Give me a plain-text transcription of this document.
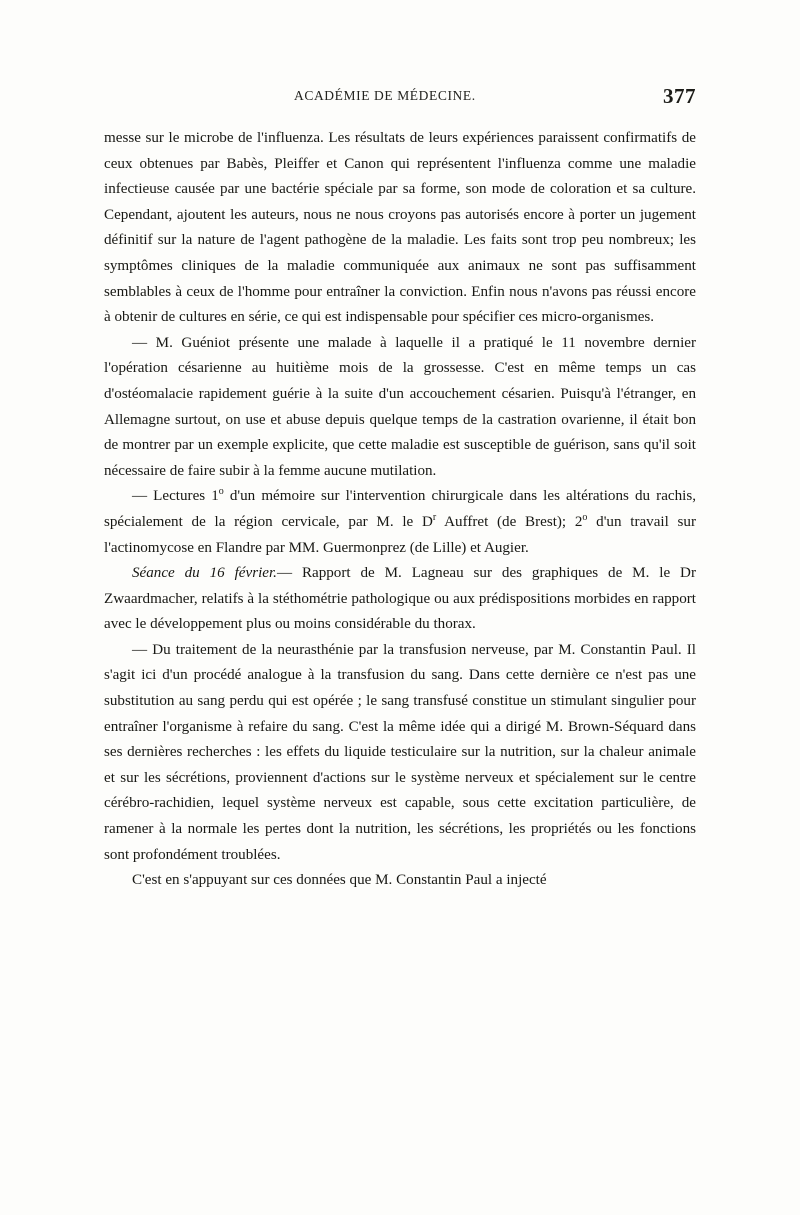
ACADÉMIE DE MÉDECINE.	377

messe sur le microbe de l'influenza. Les résultats de leurs expériences paraissent confirmatifs de ceux obtenues par Babès, Pleiffer et Canon qui représentent l'influenza comme une maladie infectieuse causée par une bactérie spéciale par sa forme, son mode de coloration et sa culture. Cependant, ajoutent les auteurs, nous ne nous croyons pas autorisés encore à porter un jugement définitif sur la nature de l'agent pathogène de la maladie. Les faits sont trop peu nombreux; les symptômes cliniques de la maladie communiquée aux animaux ne sont pas suffisamment semblables à ceux de l'homme pour entraîner la conviction. Enfin nous n'avons pas réussi encore à obtenir de cultures en série, ce qui est indispensable pour spécifier ces micro-organismes.

— M. Guéniot présente une malade à laquelle il a pratiqué le 11 novembre dernier l'opération césarienne au huitième mois de la grossesse. C'est en même temps un cas d'ostéomalacie rapidement guérie à la suite d'un accouchement césarien. Puisqu'à l'étranger, en Allemagne surtout, on use et abuse depuis quelque temps de la castration ovarienne, il était bon de montrer par un exemple explicite, que cette maladie est susceptible de guérison, sans qu'il soit nécessaire de faire subir à la femme aucune mutilation.

— Lectures 1$^o$ d'un mémoire sur l'intervention chirurgicale dans les altérations du rachis, spécialement de la région cervicale, par M. le $D^r$ Auffret (de Brest); 2$^o$ d'un travail sur l'actinomycose en Flandre par MM. Guermonprez (de Lille) et Augier.

Séance du 16 février.— Rapport de M. Lagneau sur des graphiques de M. le Dr Zwaardmacher, relatifs à la stéthométrie pathologique ou aux prédispositions morbides en rapport avec le développement plus ou moins considérable du thorax.

— Du traitement de la neurasthénie par la transfusion nerveuse, par M. Constantin Paul. Il s'agit ici d'un procédé analogue à la transfusion du sang. Dans cette dernière ce n'est pas une substitution au sang perdu qui est opérée ; le sang transfusé constitue un stimulant singulier pour entraîner l'organisme à refaire du sang. C'est la même idée qui a dirigé M. Brown-Séquard dans ses dernières recherches : les effets du liquide testiculaire sur la nutrition, sur la chaleur animale et sur les sécrétions, proviennent d'actions sur le système nerveux et spécialement sur le centre cérébro-rachidien, lequel système nerveux est capable, sous cette excitation particulière, de ramener à la normale les pertes dont la nutrition, les sécrétions, les propriétés ou les fonctions sont profondément troublées.

C'est en s'appuyant sur ces données que M. Constantin Paul a injecté
